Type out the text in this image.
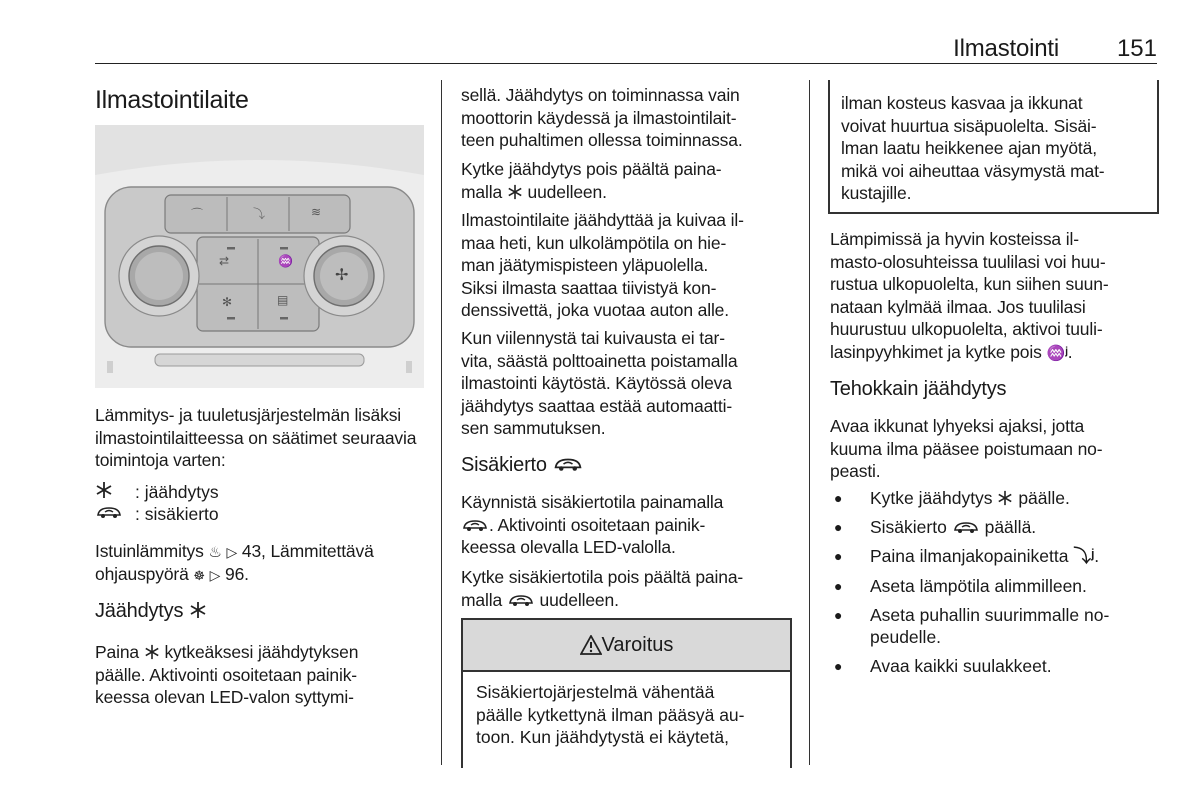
Ilmastointi 151
Ilmastointilaite
⌒	⤵	≋
⇄	♒
✻	▤
✢

Lämmitys- ja tuuletusjärjestelmän lisäksi ilmastointilaitteessa on säätimet seuraavia toimintoja varten:

: jäähdytys
: sisäkierto

Istuinlämmitys ♨ ▷ 43, Lämmitettävä

ohjauspyörä ☸ ▷ 96.

Jäähdytys

Paina kytkeäksesi jäähdytyksen
päälle. Aktivointi osoitetaan painik-
keessa olevan LED-valon syttymi-

sellä. Jäähdytys on toiminnassa vain
moottorin käydessä ja ilmastointilait-
teen puhaltimen ollessa toiminnassa.

Kytke jäähdytys pois päältä paina-
malla uudelleen.

Ilmastointilaite jäähdyttää ja kuivaa il-
maa heti, kun ulkolämpötila on hie-
man jäätymispisteen yläpuolella.
Siksi ilmasta saattaa tiivistyä kon-
denssivettä, joka vuotaa auton alle.

Kun viilennystä tai kuivausta ei tar-
vita, säästä polttoainetta poistamalla
ilmastointi käytöstä. Käytössä oleva
jäähdytys saattaa estää automaatti-
sen sammutuksen.

Sisäkierto

Käynnistä sisäkiertotila painamalla
. Aktivointi osoitetaan painik-
keessa olevalla LED-valolla.

Kytke sisäkiertotila pois päältä paina-
malla uudelleen.

Varoitus
Sisäkiertojärjestelmä vähentää
päälle kytkettynä ilman pääsyä au-
toon. Kun jäähdytystä ei käytetä,

ilman kosteus kasvaa ja ikkunat
voivat huurtua sisäpuolelta. Sisäi-
lman laatu heikkenee ajan myötä,
mikä voi aiheuttaa väsymystä mat-
kustajille.

Lämpimissä ja hyvin kosteissa il-
masto-olosuhteissa tuulilasi voi huu-
rustua ulkopuolelta, kun siihen suun-
nataan kylmää ilmaa. Jos tuulilasi
huurustuu ulkopuolelta, aktivoi tuuli-
lasinpyyhkimet ja kytke pois ♒ʲ.

Tehokkain jäähdytys

Avaa ikkunat lyhyeksi ajaksi, jotta
kuuma ilma pääsee poistumaan no-
peasti.

●	Kytke jäähdytys päälle.
●	Sisäkierto päällä.
●	Paina ilmanjakopainiketta ⤵ʲ.
●	Aseta lämpötila alimmilleen.
●	Aseta puhallin suurimmalle no-
peudelle.
●	Avaa kaikki suulakkeet.
